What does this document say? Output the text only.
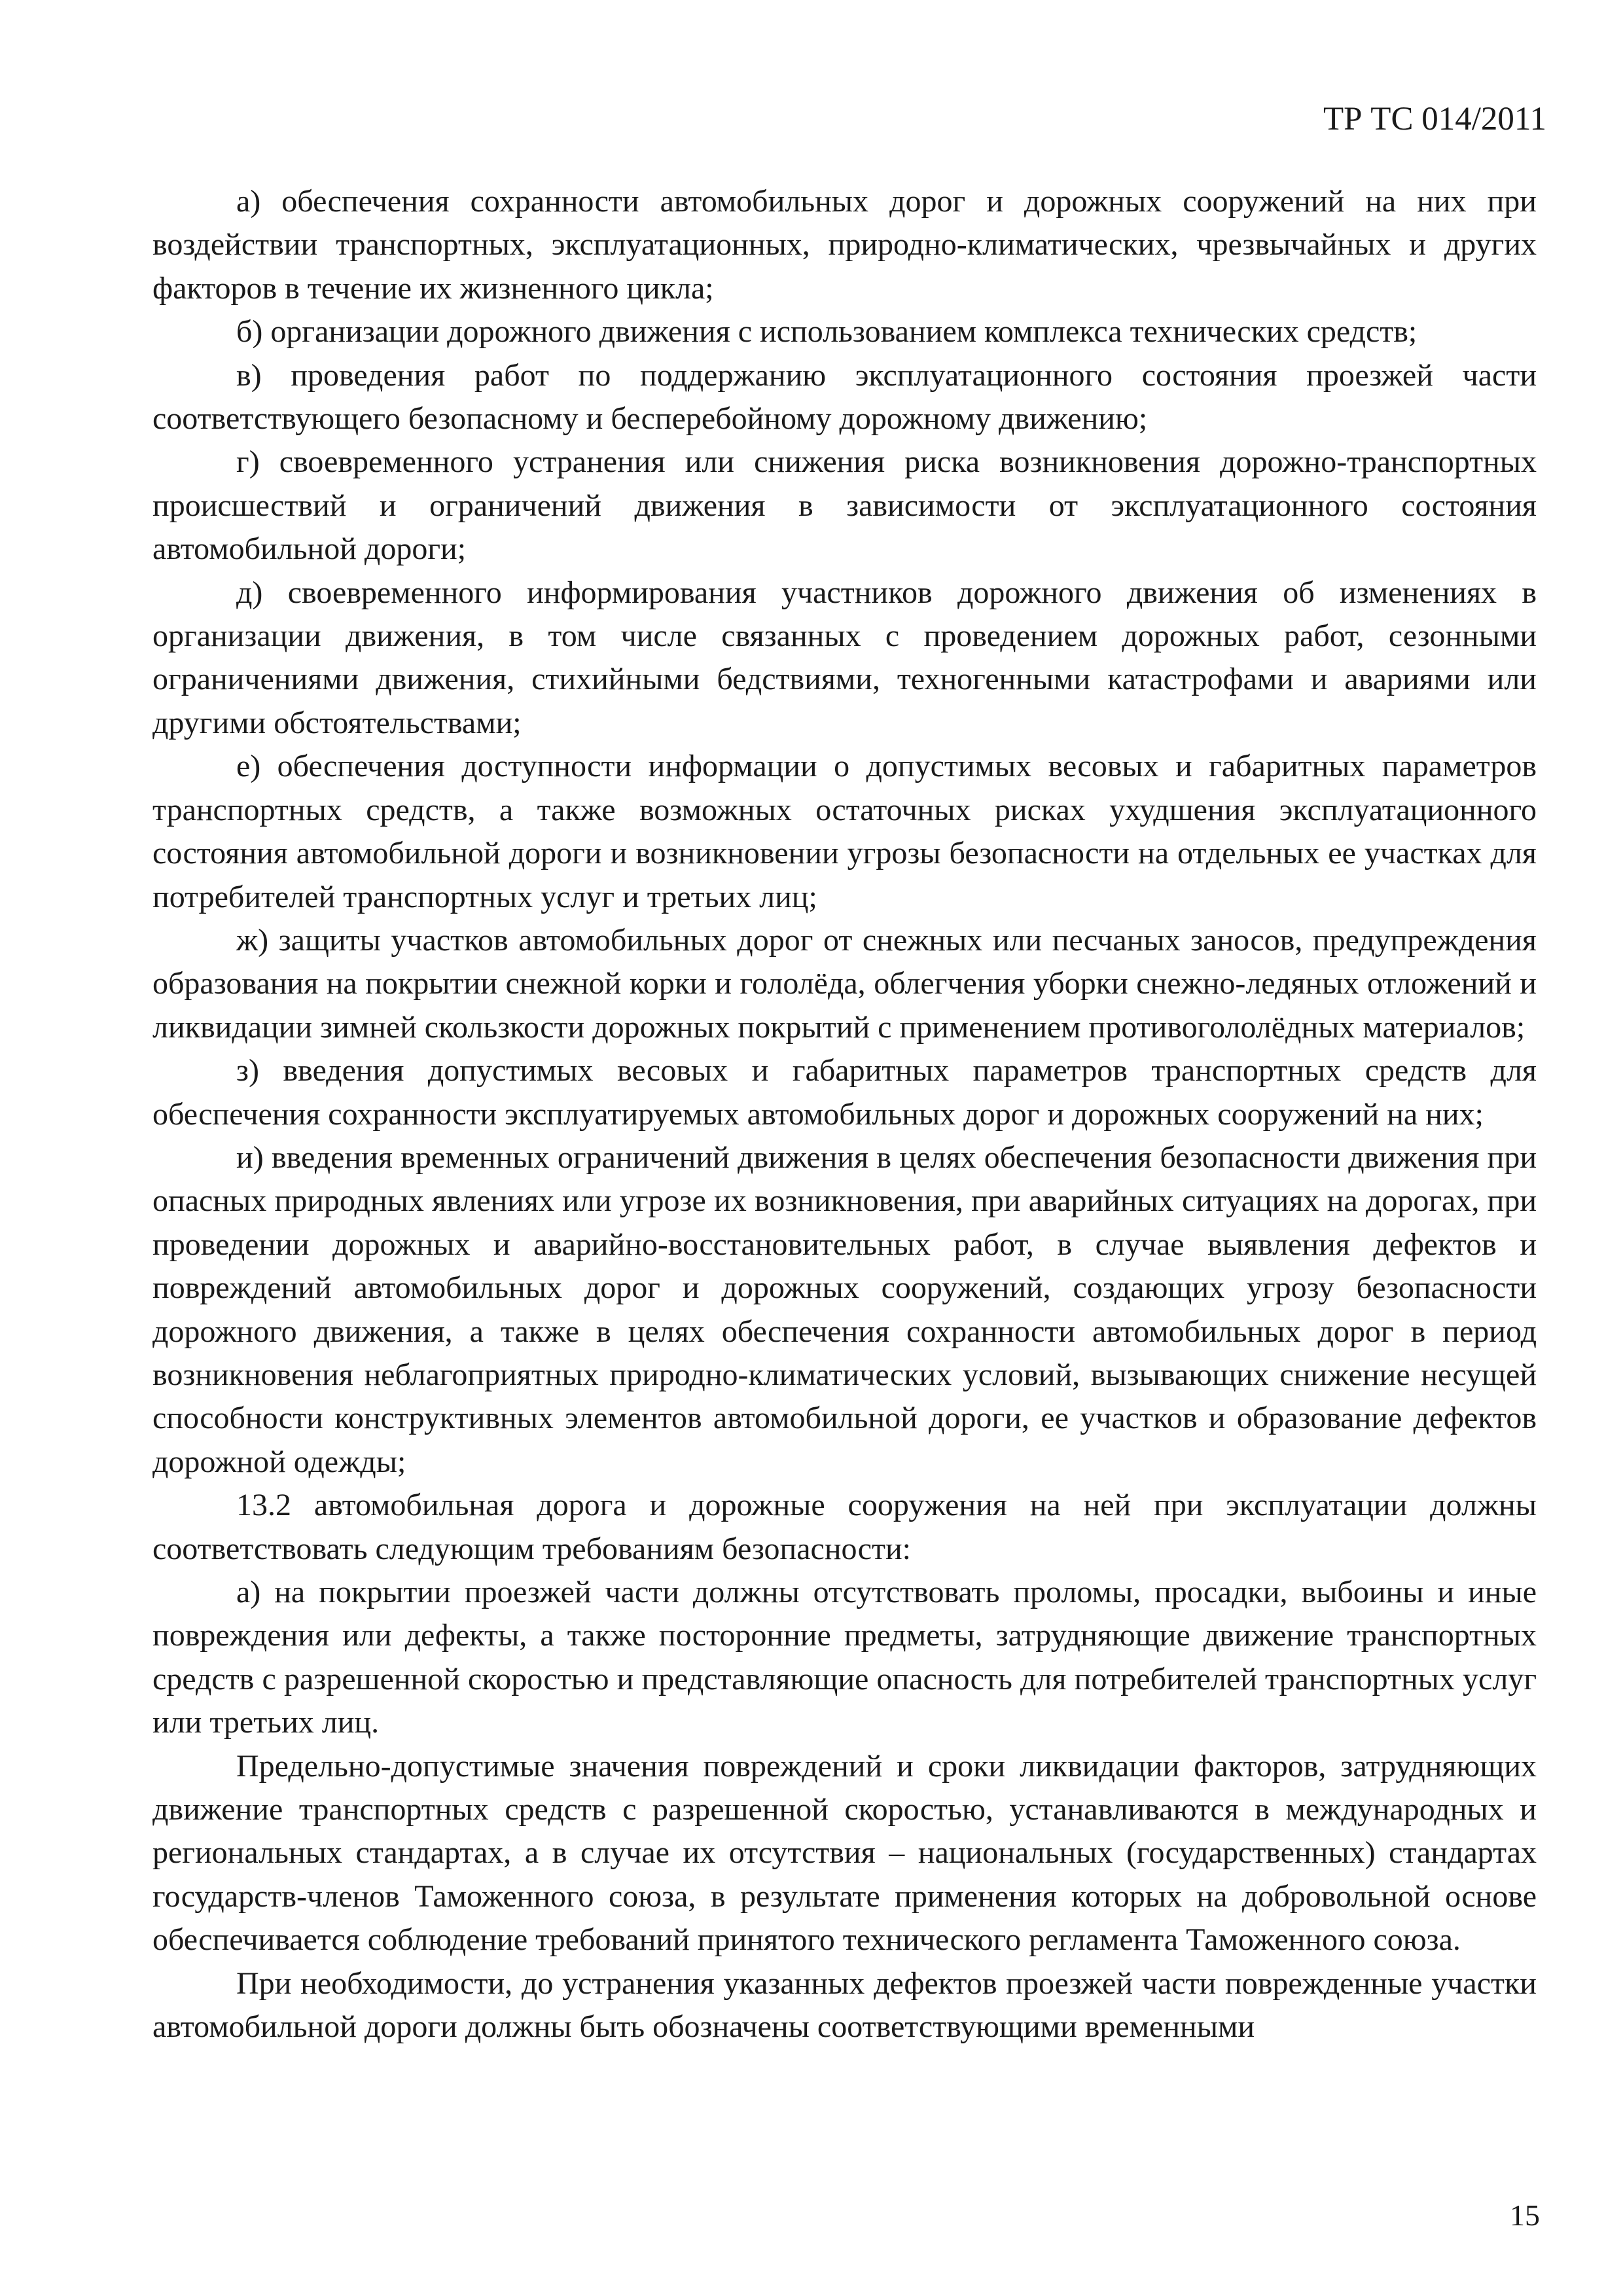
ТР ТС 014/2011

а) обеспечения сохранности автомобильных дорог и дорожных сооружений на них при воздействии транспортных, эксплуатационных, природно-климатических, чрезвычайных и других факторов в течение их жизненного цикла;

б) организации дорожного движения с использованием комплекса технических средств;

в) проведения работ по поддержанию эксплуатационного состояния проезжей части соответствующего безопасному и бесперебойному дорожному движению;

г) своевременного устранения или снижения риска возникновения дорожно-транспортных происшествий и ограничений движения в зависимости от эксплуатационного состояния автомобильной дороги;

д) своевременного информирования участников дорожного движения об изменениях в организации движения, в том числе связанных с проведением дорожных работ, сезонными ограничениями движения, стихийными бедствиями, техногенными катастрофами и авариями или другими обстоятельствами;

е) обеспечения доступности информации о допустимых весовых и габаритных параметров транспортных средств, а также возможных остаточных рисках ухудшения эксплуатационного состояния автомобильной дороги и возникновении угрозы безопасности на отдельных ее участках для потребителей транспортных услуг и третьих лиц;

ж) защиты участков автомобильных дорог от снежных или песчаных заносов, предупреждения образования на покрытии снежной корки и гололёда, облегчения уборки снежно-ледяных отложений и ликвидации зимней скользкости дорожных покрытий с применением противогололёдных материалов;

з) введения допустимых весовых и габаритных параметров транспортных средств для обеспечения сохранности эксплуатируемых автомобильных дорог и дорожных сооружений на них;

и) введения временных ограничений движения в целях обеспечения безопасности движения при опасных природных явлениях или угрозе их возникновения, при аварийных ситуациях на дорогах, при проведении дорожных и аварийно-восстановительных работ, в случае выявления дефектов и повреждений автомобильных дорог и дорожных сооружений, создающих угрозу безопасности дорожного движения, а также в целях обеспечения сохранности автомобильных дорог в период возникновения неблагоприятных природно-климатических условий, вызывающих снижение несущей способности конструктивных элементов автомобильной дороги, ее участков и образование дефектов дорожной одежды;

13.2 автомобильная дорога и дорожные сооружения на ней при эксплуатации должны соответствовать следующим требованиям безопасности:

а) на покрытии проезжей части должны отсутствовать проломы, просадки, выбоины и иные повреждения или дефекты, а также посторонние предметы, затрудняющие движение транспортных средств с разрешенной скоростью и представляющие опасность для потребителей транспортных услуг или третьих лиц.

Предельно-допустимые значения повреждений и сроки ликвидации факторов, затрудняющих движение транспортных средств с разрешенной скоростью, устанавливаются в международных и региональных стандартах, а в случае их отсутствия – национальных (государственных) стандартах государств-членов Таможенного союза, в результате применения которых на добровольной основе обеспечивается соблюдение требований принятого технического регламента Таможенного союза.

При необходимости, до устранения указанных дефектов проезжей части поврежденные участки автомобильной дороги должны быть обозначены соответствующими временными

15
